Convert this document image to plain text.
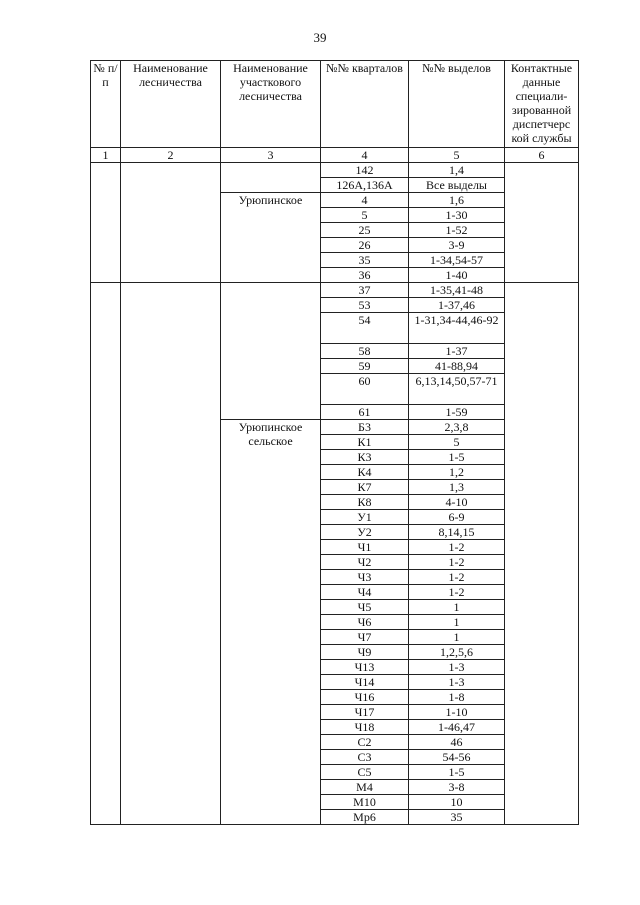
39
№ п/п	Наименование лесничества	Наименование участкового лесничества	№№ кварталов	№№ выделов	Контактные данные специали-зированной диспетчерс кой службы
1	2	3	4	5	6
			142	1,4	
			126А,136А	Все выделы	
		Урюпинское	4	1,6	
			5	1-30	
			25	1-52	
			26	3-9	
			35	1-34,54-57	
			36	1-40	
			37	1-35,41-48	
			53	1-37,46	
			54	1-31,34-44,46-92	
			58	1-37	
			59	41-88,94	
			60	6,13,14,50,57-71	
			61	1-59	
		Урюпинское сельское	Б3	2,3,8	
			К1	5	
			К3	1-5	
			К4	1,2	
			К7	1,3	
			К8	4-10	
			У1	6-9	
			У2	8,14,15	
			Ч1	1-2	
			Ч2	1-2	
			Ч3	1-2	
			Ч4	1-2	
			Ч5	1	
			Ч6	1	
			Ч7	1	
			Ч9	1,2,5,6	
			Ч13	1-3	
			Ч14	1-3	
			Ч16	1-8	
			Ч17	1-10	
			Ч18	1-46,47	
			С2	46	
			С3	54-56	
			С5	1-5	
			М4	3-8	
			М10	10	
			Мр6	35	
